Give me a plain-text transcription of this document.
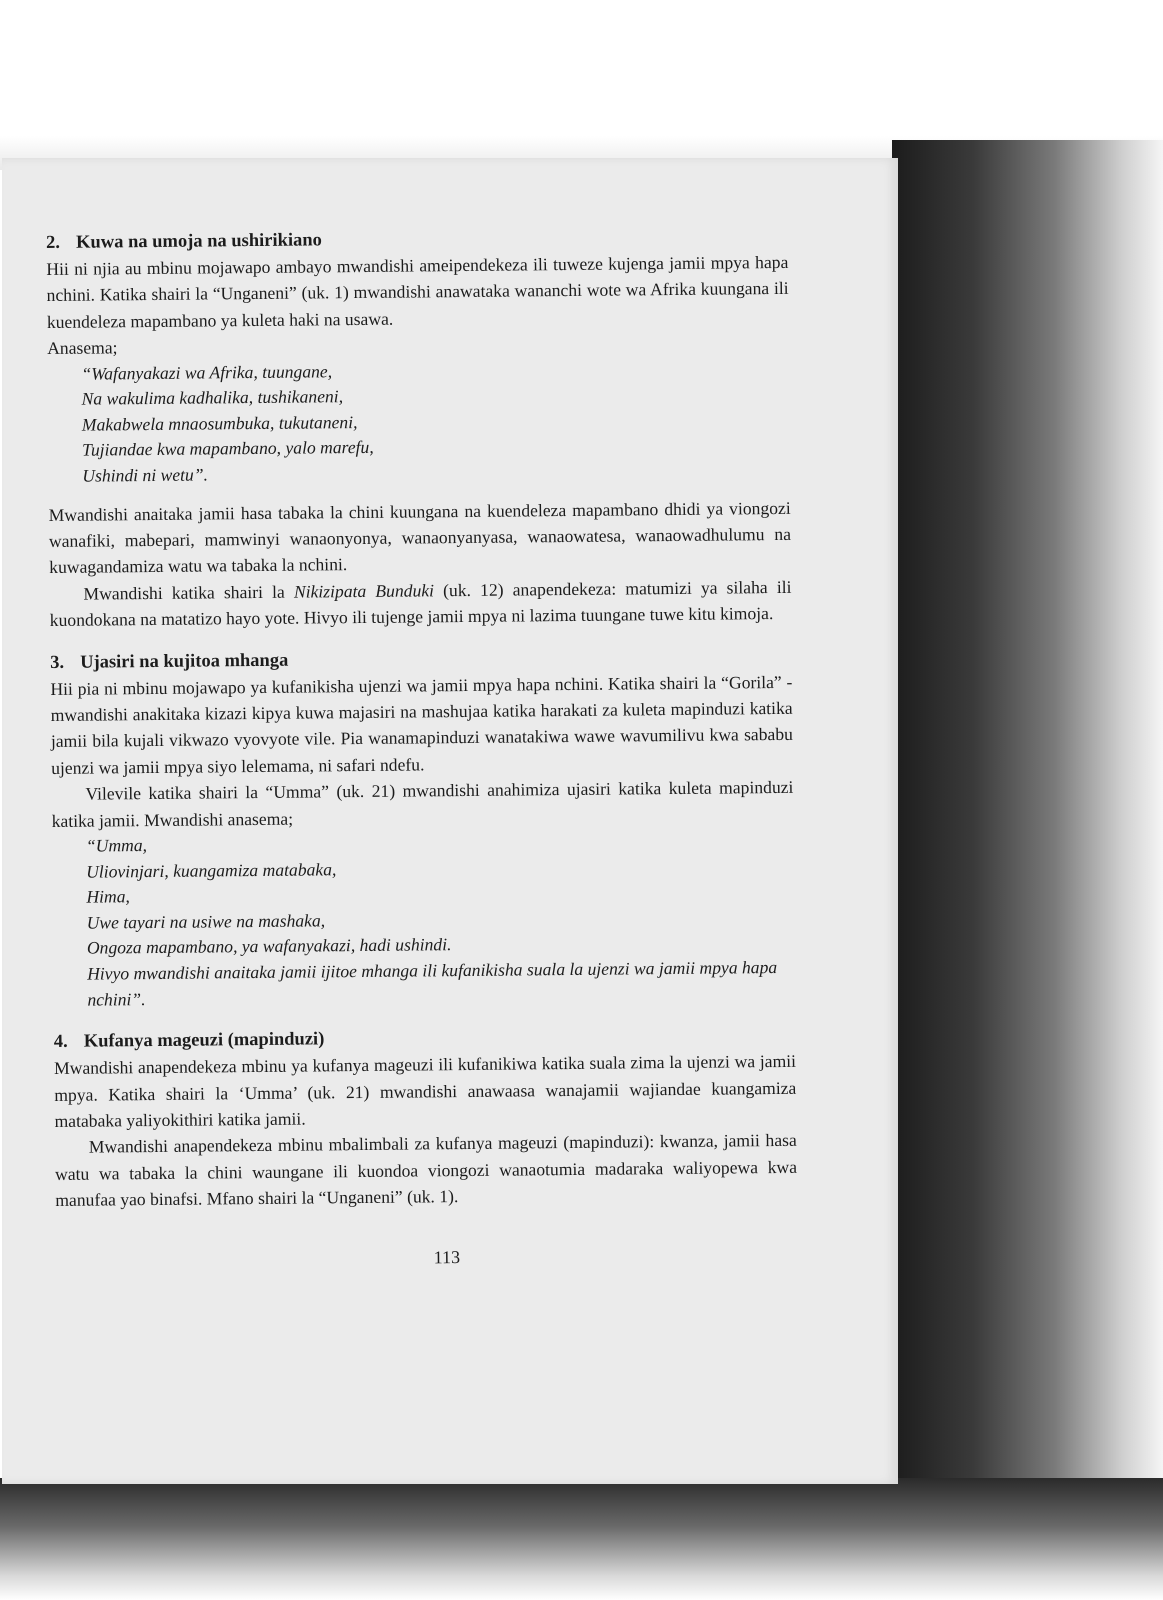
2. Kuwa na umoja na ushirikiano

Hii ni njia au mbinu mojawapo ambayo mwandishi ameipendekeza ili tuweze kujenga jamii mpya hapa nchini. Katika shairi la “Unganeni” (uk. 1) mwandishi anawataka wananchi wote wa Afrika kuungana ili kuendeleza mapambano ya kuleta haki na usawa.

Anasema;

“Wafanyakazi wa Afrika, tuungane,
Na wakulima kadhalika, tushikaneni,
Makabwela mnaosumbuka, tukutaneni,
Tujiandae kwa mapambano, yalo marefu,
Ushindi ni wetu”.

Mwandishi anaitaka jamii hasa tabaka la chini kuungana na kuendeleza mapambano dhidi ya viongozi wanafiki, mabepari, mamwinyi wanaonyonya, wanaonyanyasa, wanaowatesa, wanaowadhulumu na kuwagandamiza watu wa tabaka la nchini.

Mwandishi katika shairi la Nikizipata Bunduki (uk. 12) anapendekeza: matumizi ya silaha ili kuondokana na matatizo hayo yote. Hivyo ili tujenge jamii mpya ni lazima tuungane tuwe kitu kimoja.

3. Ujasiri na kujitoa mhanga

Hii pia ni mbinu mojawapo ya kufanikisha ujenzi wa jamii mpya hapa nchini. Katika shairi la “Gorila” - mwandishi anakitaka kizazi kipya kuwa majasiri na mashujaa katika harakati za kuleta mapinduzi katika jamii bila kujali vikwazo vyovyote vile. Pia wanamapinduzi wanatakiwa wawe wavumilivu kwa sababu ujenzi wa jamii mpya siyo lelemama, ni safari ndefu.

Vilevile katika shairi la “Umma” (uk. 21) mwandishi anahimiza ujasiri katika kuleta mapinduzi katika jamii. Mwandishi anasema;

“Umma,
Uliovinjari, kuangamiza matabaka,
Hima,
Uwe tayari na usiwe na mashaka,
Ongoza mapambano, ya wafanyakazi, hadi ushindi.
Hivyo mwandishi anaitaka jamii ijitoe mhanga ili kufanikisha suala la ujenzi wa jamii mpya hapa nchini”.
4. Kufanya mageuzi (mapinduzi)

Mwandishi anapendekeza mbinu ya kufanya mageuzi ili kufanikiwa katika suala zima la ujenzi wa jamii mpya. Katika shairi la ‘Umma’ (uk. 21) mwandishi anawaasa wanajamii wajiandae kuangamiza matabaka yaliyokithiri katika jamii.

Mwandishi anapendekeza mbinu mbalimbali za kufanya mageuzi (mapinduzi): kwanza, jamii hasa watu wa tabaka la chini waungane ili kuondoa viongozi wanaotumia madaraka waliyopewa kwa manufaa yao binafsi. Mfano shairi la “Unganeni” (uk. 1).

113
